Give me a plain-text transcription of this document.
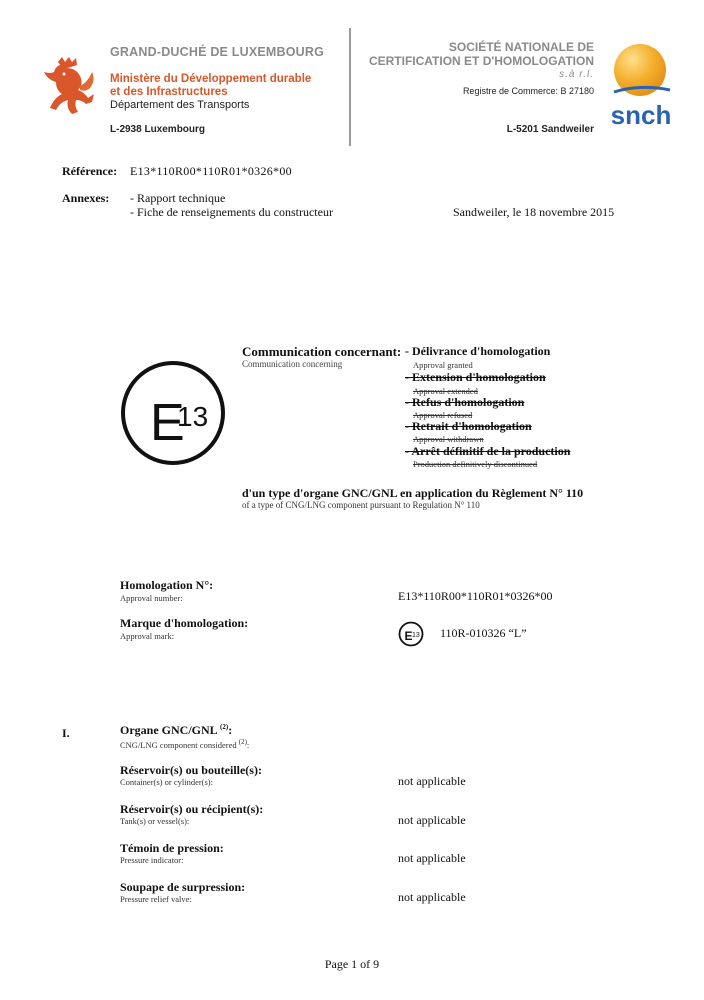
GRAND-DUCHÉ DE LUXEMBOURG
Ministère du Développement durable
et des Infrastructures
Département des Transports
L-2938 Luxembourg
SOCIÉTÉ NATIONALE DE
CERTIFICATION ET D'HOMOLOGATION
s.à r.l.
Registre de Commerce: B 27180
L-5201 Sandweiler snch
Référence: E13*110R00*110R01*0326*00
Annexes: - Rapport technique
- Fiche de renseignements du constructeur	Sandweiler, le 18 novembre 2015
E
13
Communication concernant:
Communication concerning
- Délivrance d'homologation
Approval granted
- Extension d'homologation
Approval extended
- Refus d'homologation
Approval refused
- Retrait d'homologation
Approval withdrawn
- Arrêt définitif de la production
Production definitively discontinued
d'un type d'organe GNC/GNL en application du Règlement N° 110
of a type of CNG/LNG component pursuant to Regulation N° 110
Homologation N°:
Approval number:	E13*110R00*110R01*0326*00
Marque d'homologation:
Approval mark:	E 13 110R-010326 “L”
I.	Organe GNC/GNL $^{(2)}$:
CNG/LNG component considered $^{(2)}$:
Réservoir(s) ou bouteille(s):
Container(s) or cylinder(s):	not applicable
Réservoir(s) ou récipient(s):
Tank(s) or vessel(s):	not applicable
Témoin de pression:
Pressure indicator:	not applicable
Soupape de surpression:
Pressure relief valve:	not applicable
Page 1 of 9
